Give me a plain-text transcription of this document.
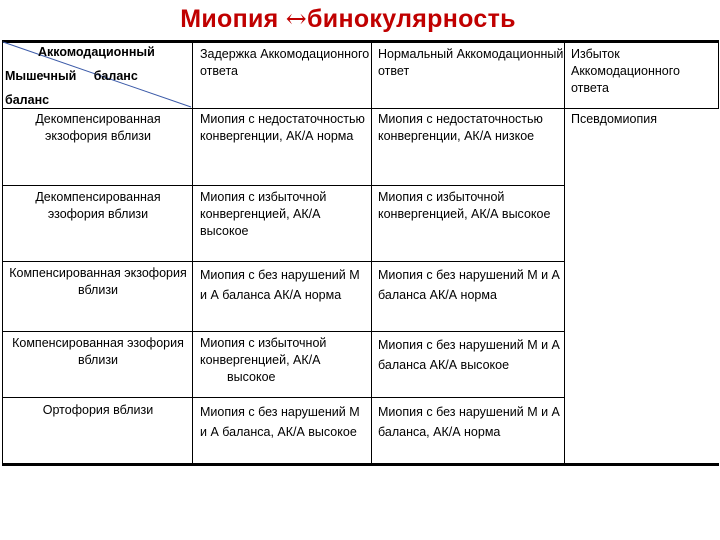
Миопия ↔бинокулярность
Аккомодационный
Мышечный баланс
баланс
Задержка Аккомодационного ответа
Нормальный Аккомодационный ответ
Избыток Аккомодационного ответа
Декомпенсированная экзофория вблизи
Миопия с недостаточностью конвергенции, АК/А норма
Миопия с недостаточностью конвергенции, АК/А низкое
Псевдомиопия
Декомпенсированная эзофория вблизи
Миопия с избыточной конвергенцией, АК/А высокое
Миопия с избыточной конвергенцией, АК/А высокое
Компенсированная экзофория вблизи
Миопия с без нарушений М и А баланса АК/А норма
Миопия с без нарушений М и А баланса АК/А норма
Компенсированная эзофория вблизи
Миопия с избыточной конвергенцией, АК/А
высокое
Миопия с без нарушений М и А баланса АК/А высокое
Ортофория вблизи	Миопия с без нарушений М и А баланса, АК/А высокое
Миопия с без нарушений М и А баланса, АК/А норма
